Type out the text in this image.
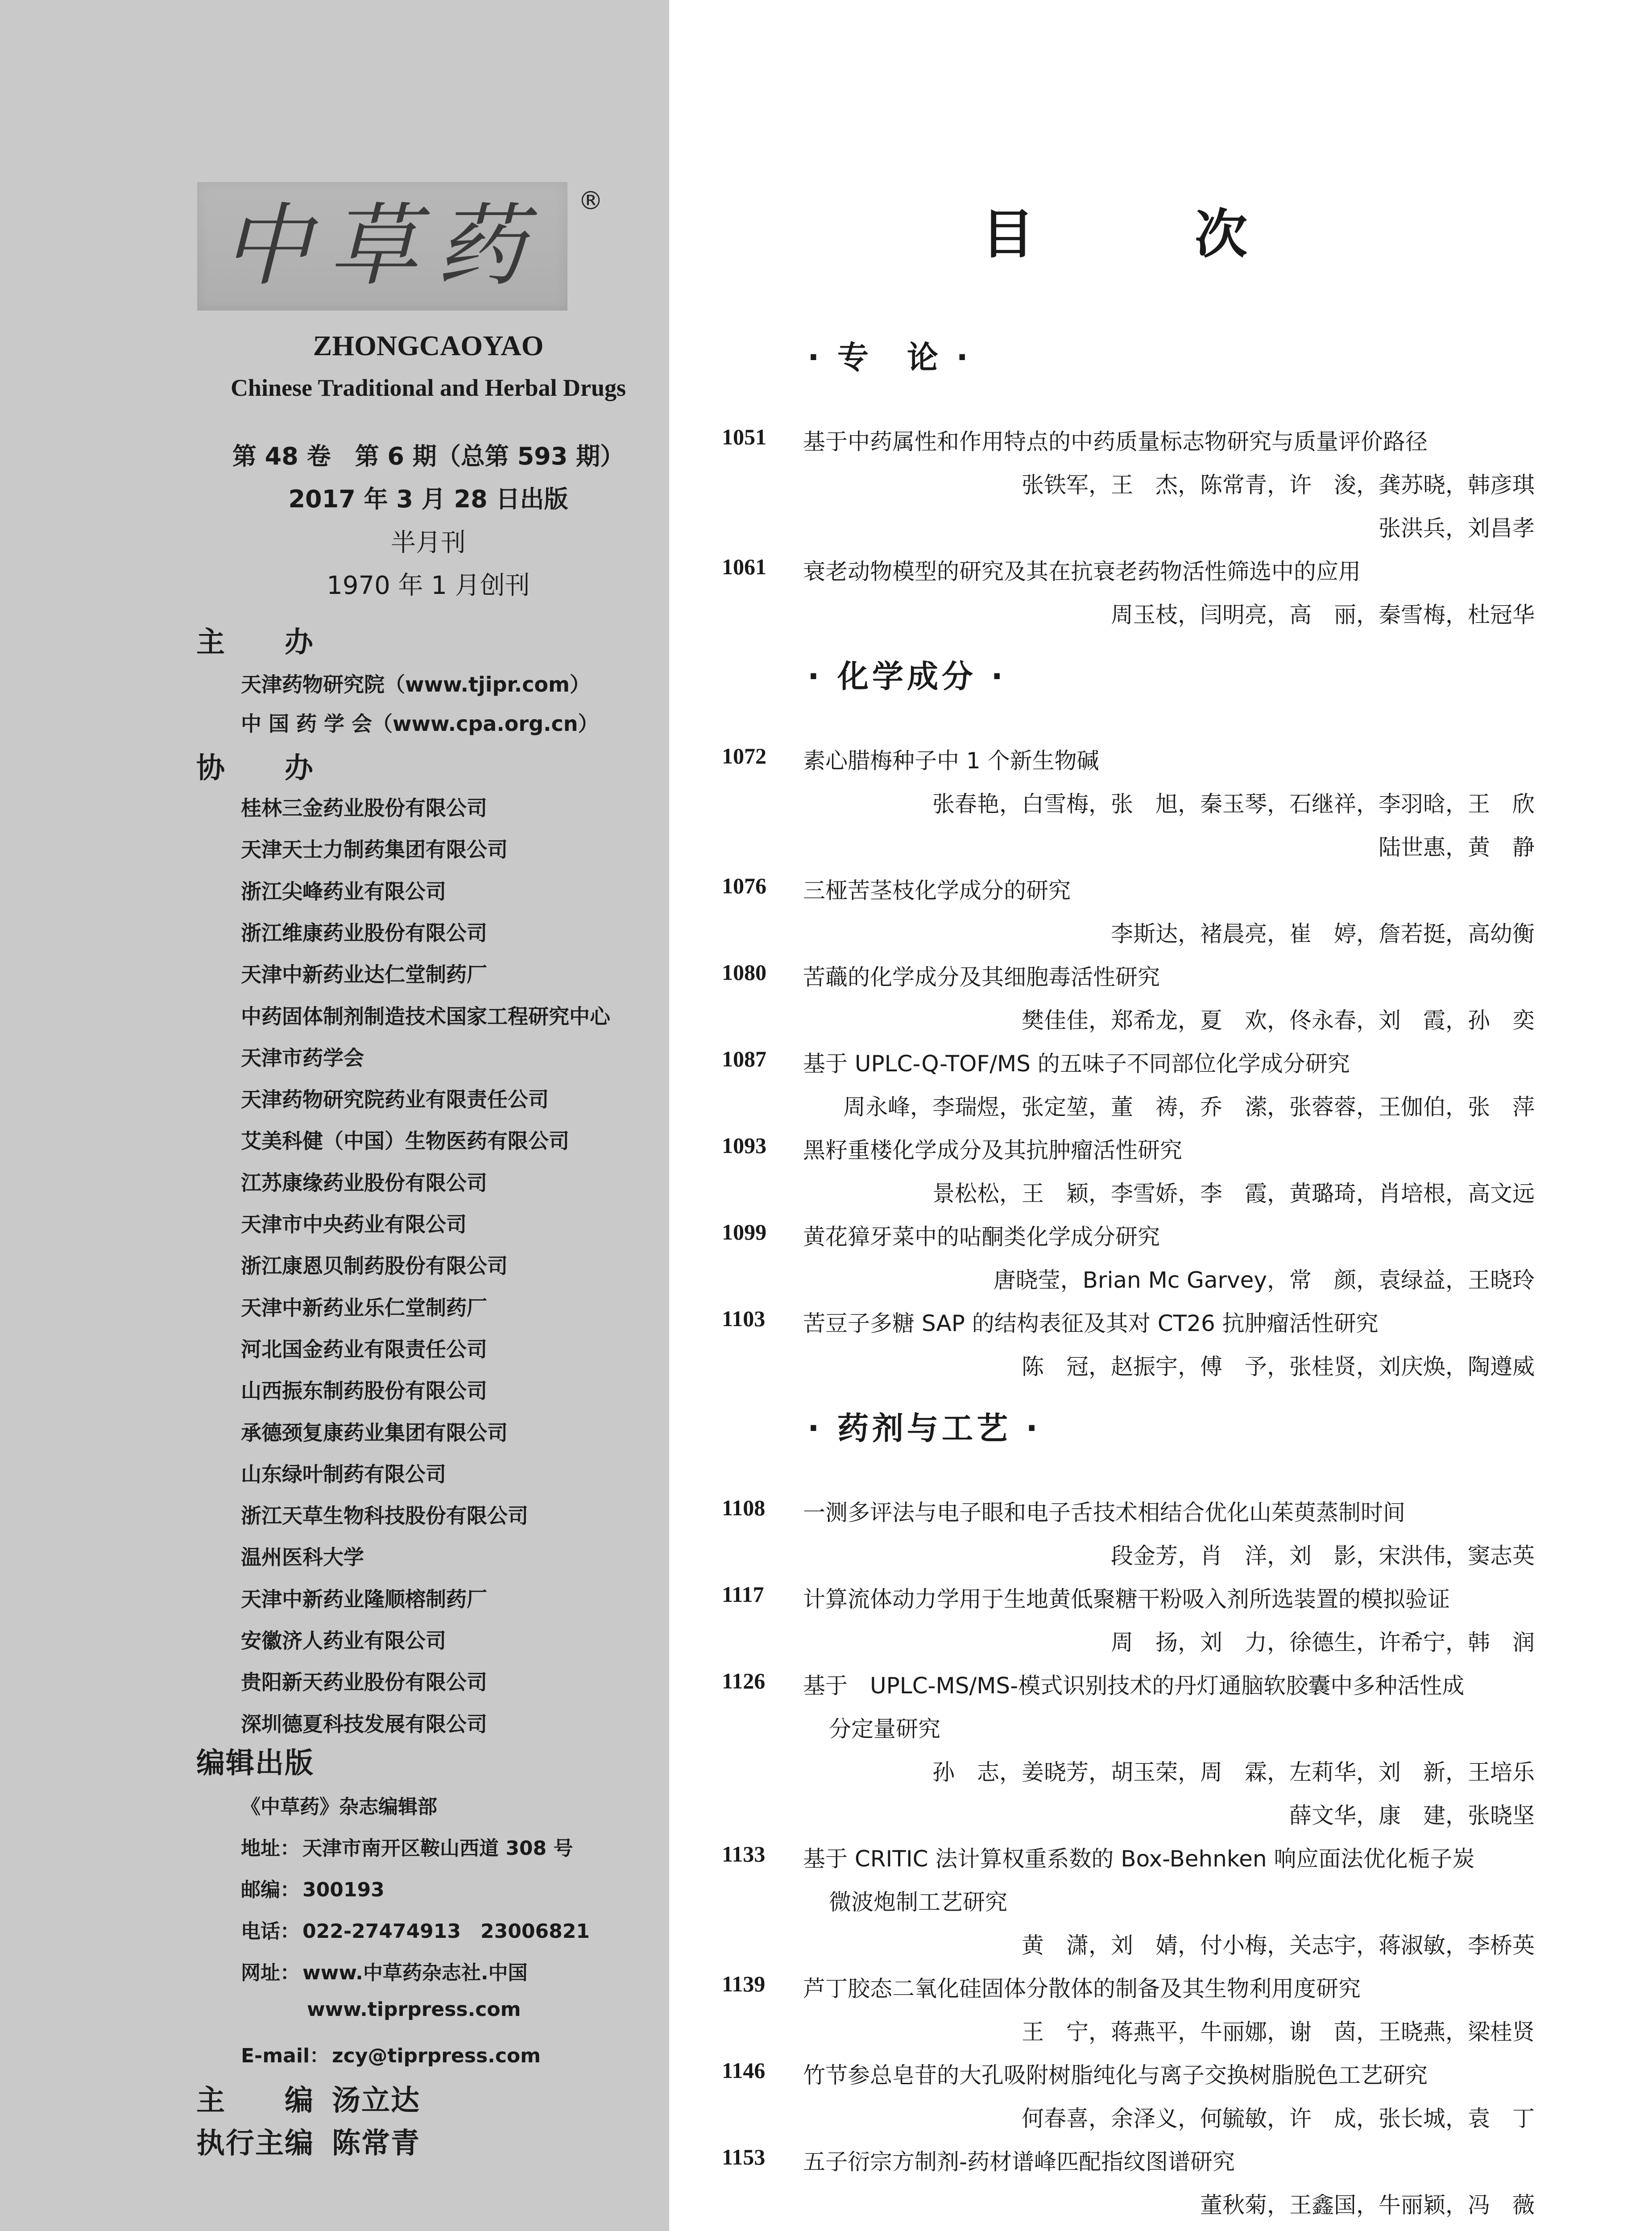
中草药	®
ZHONGCAOYAO
Chinese Traditional and Herbal Drugs
第 48 卷　第 6 期（总第 593 期）
2017 年 3 月 28 日出版
半月刊
1970 年 1 月创刊
主　　办
天津药物研究院（www.tjipr.com）
中 国 药 学 会（www.cpa.org.cn）
协　　办
桂林三金药业股份有限公司
天津天士力制药集团有限公司
浙江尖峰药业有限公司
浙江维康药业股份有限公司
天津中新药业达仁堂制药厂
中药固体制剂制造技术国家工程研究中心
天津市药学会
天津药物研究院药业有限责任公司
艾美科健（中国）生物医药有限公司
江苏康缘药业股份有限公司
天津市中央药业有限公司
浙江康恩贝制药股份有限公司
天津中新药业乐仁堂制药厂
河北国金药业有限责任公司
山西振东制药股份有限公司
承德颈复康药业集团有限公司
山东绿叶制药有限公司
浙江天草生物科技股份有限公司
温州医科大学
天津中新药业隆顺榕制药厂
安徽济人药业有限公司
贵阳新天药业股份有限公司
深圳德夏科技发展有限公司
编辑出版
《中草药》杂志编辑部
地址： 天津市南开区鞍山西道 308 号
邮编： 300193
电话： 022-27474913　23006821
网址： www.中草药杂志社.中国
www.tiprpress.com
E-mail： zcy@tiprpress.com
主　　编 汤立达
执行主编 陈常青
目次
· 专　论 ·
1051	基于中药属性和作用特点的中药质量标志物研究与质量评价路径
张铁军，王　杰，陈常青，许　浚，龚苏晓，韩彦琪
张洪兵，刘昌孝
1061	衰老动物模型的研究及其在抗衰老药物活性筛选中的应用
周玉枝，闫明亮，高　丽，秦雪梅，杜冠华
· 化学成分 ·
1072	素心腊梅种子中 1 个新生物碱
张春艳，白雪梅，张　旭，秦玉琴，石继祥，李羽晗，王　欣
陆世惠，黄　静
1076	三桠苦茎枝化学成分的研究
李斯达，褚晨亮，崔　婷，詹若挺，高幼衡
1080	苦蘵的化学成分及其细胞毒活性研究
樊佳佳，郑希龙，夏　欢，佟永春，刘　霞，孙　奕
1087	基于 UPLC-Q-TOF/MS 的五味子不同部位化学成分研究
周永峰，李瑞煜，张定堃，董　祷，乔　潆，张蓉蓉，王伽伯，张　萍
1093	黑籽重楼化学成分及其抗肿瘤活性研究
景松松，王　颖，李雪娇，李　霞，黄璐琦，肖培根，高文远
1099	黄花獐牙菜中的呫酮类化学成分研究
唐晓莹，Brian Mc Garvey，常　颜，袁绿益，王晓玲
1103	苦豆子多糖 SAP 的结构表征及其对 CT26 抗肿瘤活性研究
陈　冠，赵振宇，傅　予，张桂贤，刘庆焕，陶遵威
· 药剂与工艺 ·
1108	一测多评法与电子眼和电子舌技术相结合优化山茱萸蒸制时间
段金芳，肖　洋，刘　影，宋洪伟，窦志英
1117	计算流体动力学用于生地黄低聚糖干粉吸入剂所选装置的模拟验证
周　扬，刘　力，徐德生，许希宁，韩　润
1126	基于　UPLC-MS/MS-模式识别技术的丹灯通脑软胶囊中多种活性成
分定量研究
孙　志，姜晓芳，胡玉荣，周　霖，左莉华，刘　新，王培乐
薛文华，康　建，张晓坚
1133	基于 CRITIC 法计算权重系数的 Box-Behnken 响应面法优化栀子炭
微波炮制工艺研究
黄　潇，刘　婧，付小梅，关志宇，蒋淑敏，李桥英
1139	芦丁胶态二氧化硅固体分散体的制备及其生物利用度研究
王　宁，蒋燕平，牛丽娜，谢　茵，王晓燕，梁桂贤
1146	竹节参总皂苷的大孔吸附树脂纯化与离子交换树脂脱色工艺研究
何春喜，余泽义，何毓敏，许　成，张长城，袁　丁
1153	五子衍宗方制剂-药材谱峰匹配指纹图谱研究
董秋菊，王鑫国，牛丽颖，冯　薇
